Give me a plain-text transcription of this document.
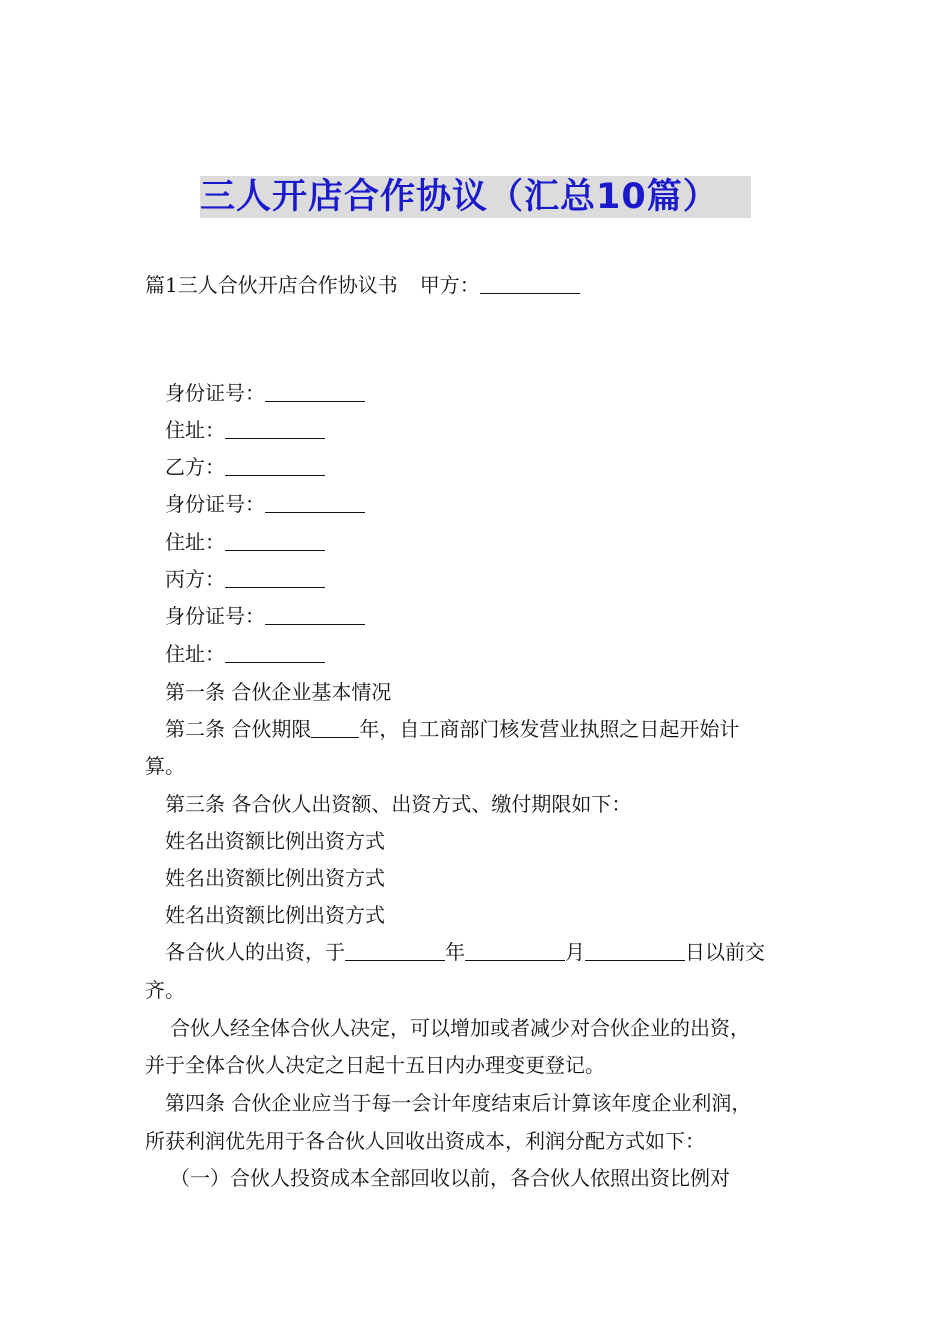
三人开店合作协议（汇总10篇）
篇1三人合伙开店合作协议书 甲方：
身份证号：
住址：
乙方：
身份证号：
住址：
丙方：
身份证号：
住址：
第一条 合伙企业基本情况
第二条 合伙期限 年，自工商部门核发营业执照之日起开始计
算。
第三条 各合伙人出资额、出资方式、缴付期限如下：
姓名出资额比例出资方式
姓名出资额比例出资方式
姓名出资额比例出资方式
各合伙人的出资，于	年	月	日以前交
齐。
合伙人经全体合伙人决定，可以增加或者减少对合伙企业的出资，
并于全体合伙人决定之日起十五日内办理变更登记。
第四条 合伙企业应当于每一会计年度结束后计算该年度企业利润，
所获利润优先用于各合伙人回收出资成本，利润分配方式如下：
（一）合伙人投资成本全部回收以前，各合伙人依照出资比例对
